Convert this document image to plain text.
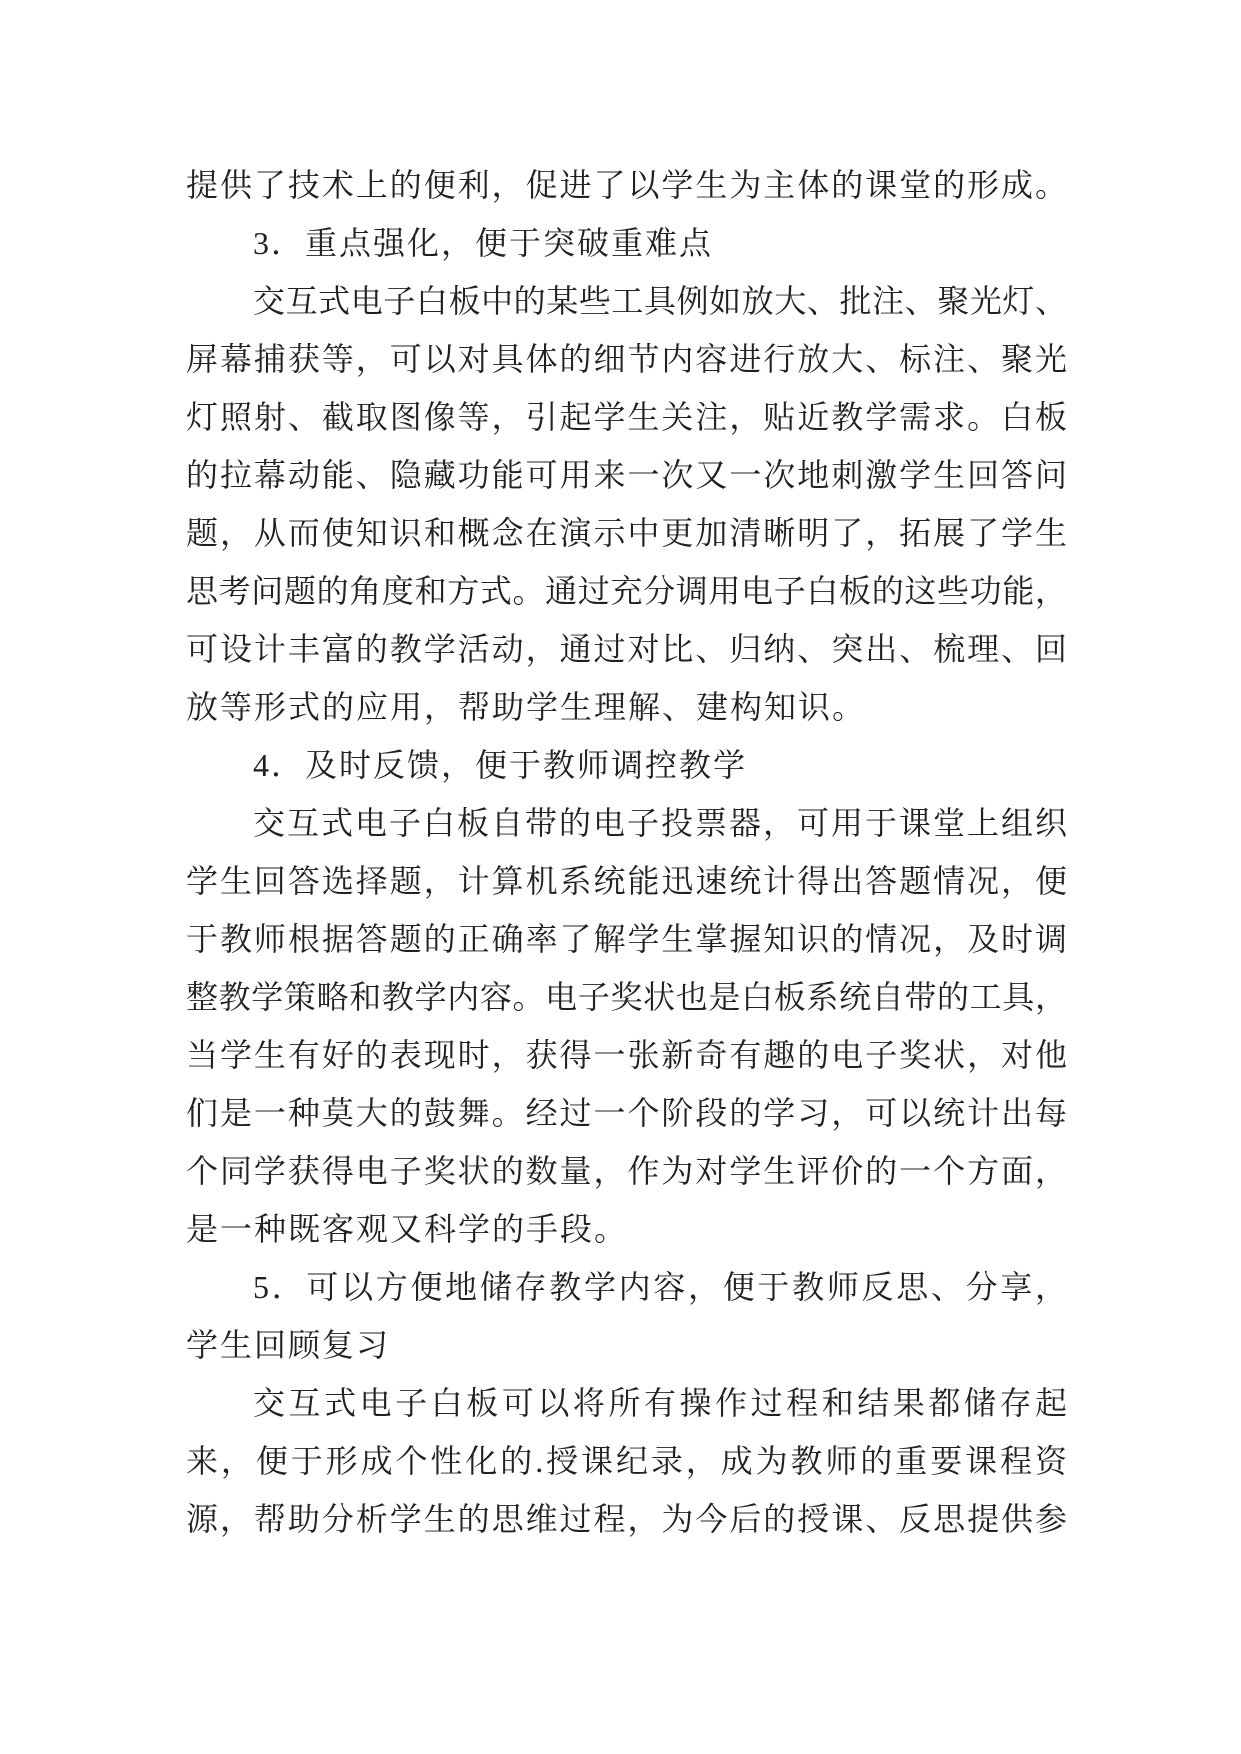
提供了技术上的便利，促进了以学生为主体的课堂的形成。
3．重点强化，便于突破重难点
交互式电子白板中的某些工具例如放大、批注、聚光灯、
屏幕捕获等，可以对具体的细节内容进行放大、标注、聚光
灯照射、截取图像等，引起学生关注，贴近教学需求。白板
的拉幕动能、隐藏功能可用来一次又一次地刺激学生回答问
题，从而使知识和概念在演示中更加清晰明了，拓展了学生
思考问题的角度和方式。通过充分调用电子白板的这些功能，
可设计丰富的教学活动，通过对比、归纳、突出、梳理、回
放等形式的应用，帮助学生理解、建构知识。
4．及时反馈，便于教师调控教学
交互式电子白板自带的电子投票器，可用于课堂上组织
学生回答选择题，计算机系统能迅速统计得出答题情况，便
于教师根据答题的正确率了解学生掌握知识的情况，及时调
整教学策略和教学内容。电子奖状也是白板系统自带的工具，
当学生有好的表现时，获得一张新奇有趣的电子奖状，对他
们是一种莫大的鼓舞。经过一个阶段的学习，可以统计出每
个同学获得电子奖状的数量，作为对学生评价的一个方面，
是一种既客观又科学的手段。
5．可以方便地储存教学内容，便于教师反思、分享，
学生回顾复习
交互式电子白板可以将所有操作过程和结果都储存起
来，便于形成个性化的.授课纪录，成为教师的重要课程资
源，帮助分析学生的思维过程，为今后的授课、反思提供参
